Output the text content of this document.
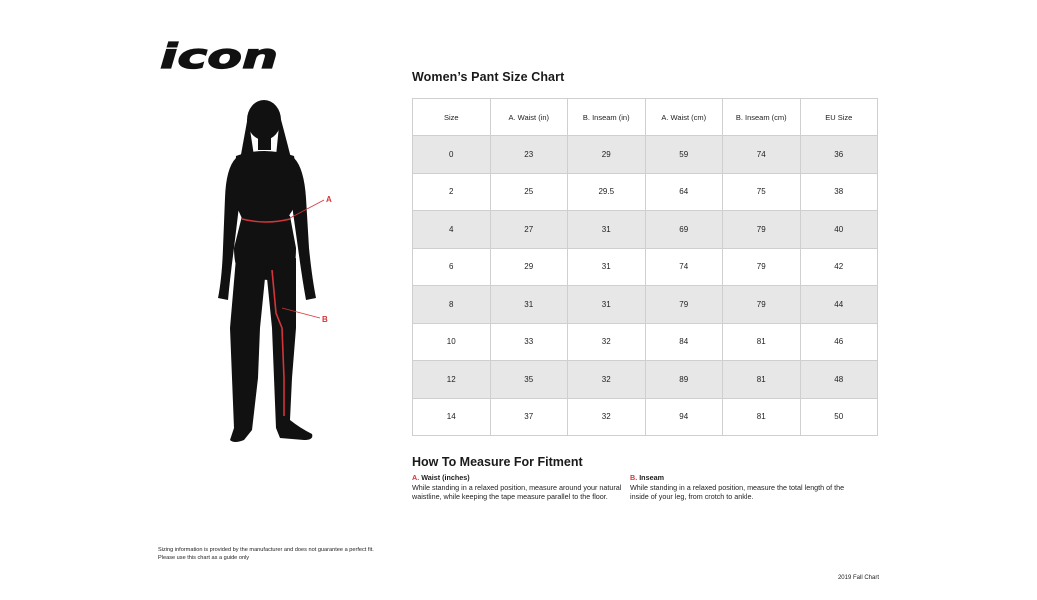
icon
A
B
Women’s Pant Size Chart
Size	A. Waist (in)	B. Inseam (in)	A. Waist (cm)	B. Inseam (cm)	EU Size
0	23	29	59	74	36
2	25	29.5	64	75	38
4	27	31	69	79	40
6	29	31	74	79	42
8	31	31	79	79	44
10	33	32	84	81	46
12	35	32	89	81	48
14	37	32	94	81	50
How To Measure For Fitment
A. Waist (inches)
While standing in a relaxed position, measure around your natural waistline, while keeping the tape measure parallel to the floor.
B. Inseam
While standing in a relaxed position, measure the total length of the inside of your leg, from crotch to ankle.
Sizing information is provided by the manufacturer and does not guarantee a perfect fit.
Please use this chart as a guide only
2019 Fall Chart
